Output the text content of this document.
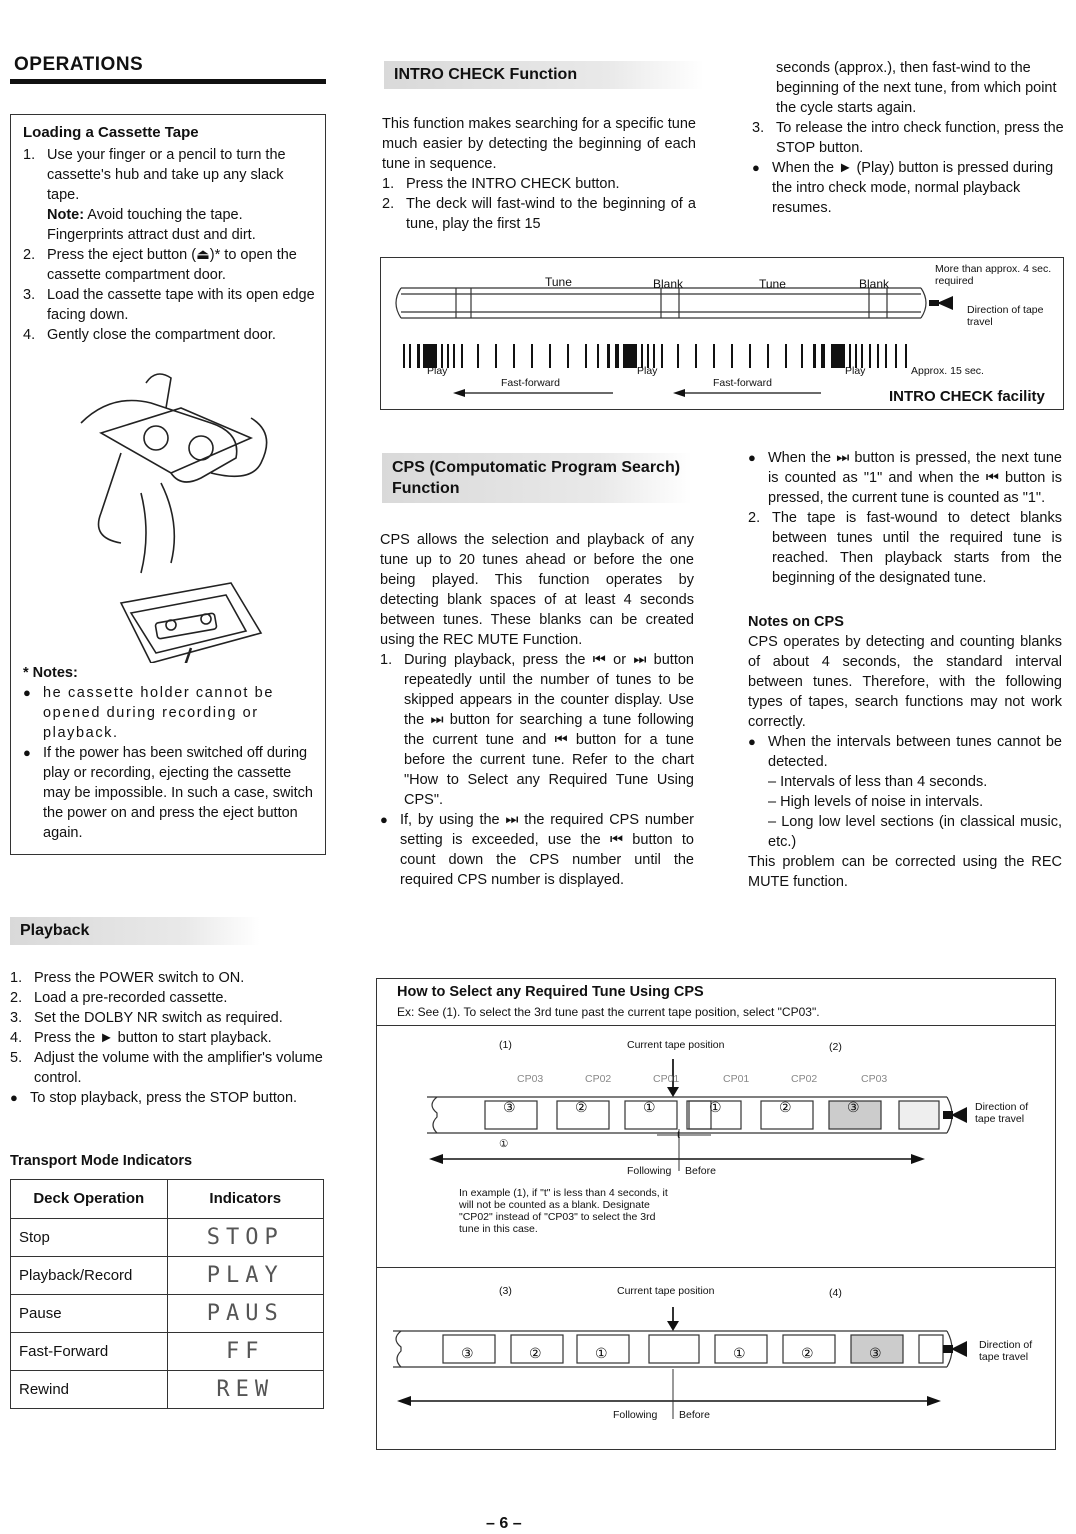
OPERATIONS
Loading a Cassette Tape
1. Use your finger or a pencil to turn the cassette's hub and take up any slack tape.
Note: Avoid touching the tape. Fingerprints attract dust and dirt.
2. Press the eject button (⏏)* to open the cassette compartment door.
3. Load the cassette tape with its open edge facing down.
4. Gently close the compartment door.
* Notes:
● he cassette holder cannot be opened during recording or playback.
● If the power has been switched off during play or recording, ejecting the cassette may be impossible. In such a case, switch the power on and press the eject button again.
Playback
1. Press the POWER switch to ON.
2. Load a pre-recorded cassette.
3. Set the DOLBY NR switch as required.
4. Press the ► button to start playback.
5. Adjust the volume with the amplifier's volume control.
● To stop playback, press the STOP button.
Transport Mode Indicators
Deck Operation	Indicators
Stop	STOP
Playback/Record	PLAY
Pause	PAUS
Fast-Forward	FF
Rewind	REW
INTRO CHECK Function
This function makes searching for a specific tune much easier by detecting the beginning of each tune in sequence.
1. Press the INTRO CHECK button.
2. The deck will fast-wind to the beginning of a tune, play the first 15
seconds (approx.), then fast-wind to the beginning of the next tune, from which point the cycle starts again.
3. To release the intro check function, press the STOP button.
● When the ► (Play) button is pressed during the intro check mode, normal playback resumes.
Tune	Blank	Tune	Blank
More than approx. 4 sec. required
Direction of tape travel
Play	Play	Play
Fast-forward	Fast-forward
Approx. 15 sec.
INTRO CHECK facility
CPS (Computomatic Program Search) Function
CPS allows the selection and playback of any tune up to 20 tunes ahead or before the one being played. This function operates by detecting blank spaces of at least 4 seconds between tunes. These blanks can be created using the REC MUTE Function.
1. During playback, press the ⏮ or ⏭ button repeatedly until the number of tunes to be skipped appears in the counter display. Use the ⏭ button for searching a tune following the current tune and ⏮ button for a tune before the current tune. Refer to the chart "How to Select any Required Tune Using CPS".
● If, by using the ⏭ the required CPS number setting is exceeded, use the ⏮ button to count down the CPS number until the required CPS number is displayed.
● When the ⏭ button is pressed, the next tune is counted as "1" and when the ⏮ button is pressed, the current tune is counted as "1".
2. The tape is fast-wound to detect blanks between tunes until the required tune is reached. Then playback starts from the beginning of the designated tune.
Notes on CPS
CPS operates by detecting and counting blanks of about 4 seconds, the standard interval between tunes. Therefore, with the following types of tapes, search functions may not work correctly.
● When the intervals between tunes cannot be detected.
– Intervals of less than 4 seconds.
– High levels of noise in intervals.
– Long low level sections (in classical music, etc.)
This problem can be corrected using the REC MUTE function.
How to Select any Required Tune Using CPS
Ex: See (1). To select the 3rd tune past the current tape position, select "CP03".
(1)	Current tape position	(2)
①
③	②	①	①	②	③
CP03	CP02	CP01	CP01	CP02	CP03
t
Direction of tape travel
Following Before
In example (1), if "t" is less than 4 seconds, it will not be counted as a blank. Designate "CP02" instead of "CP03" to select the 3rd tune in this case.
(3)	Current tape position	(4)
③	②	①	①	②	③	Direction of tape travel
Following Before
– 6 –
